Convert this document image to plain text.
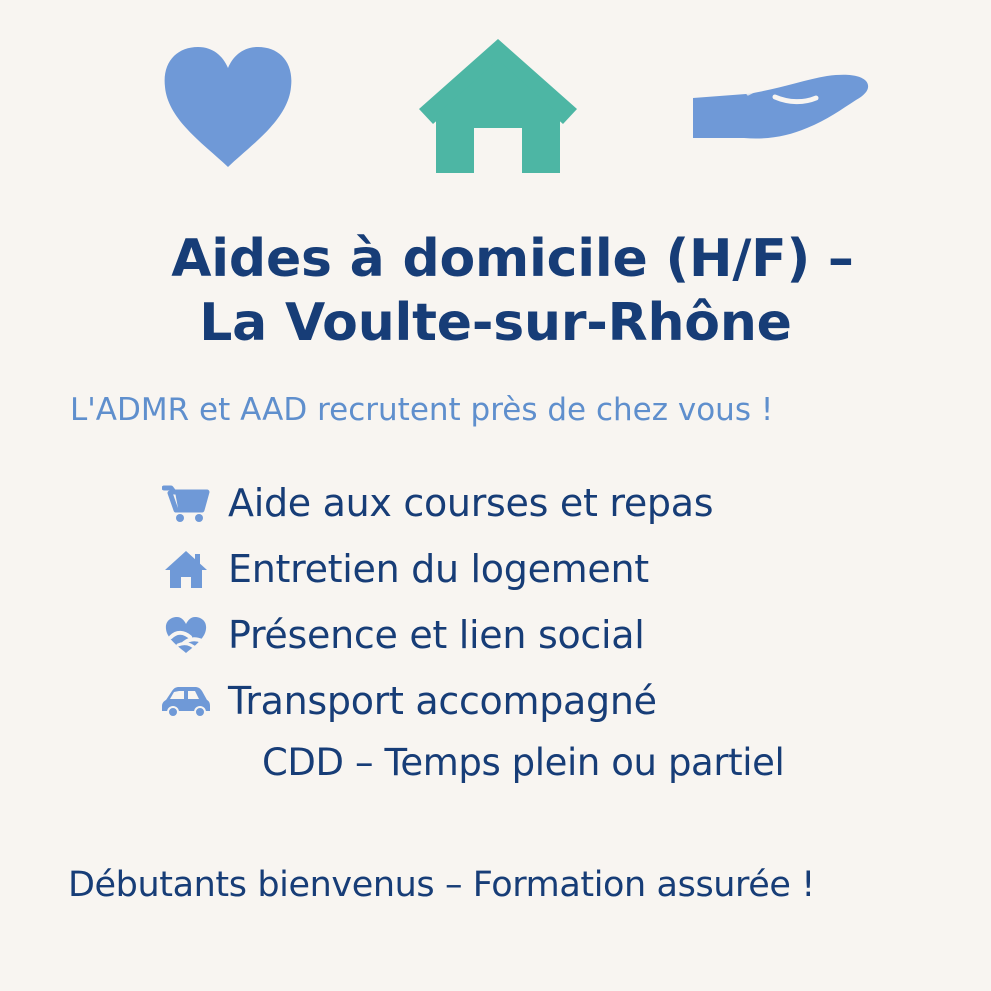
Aides à domicile (H/F) –
La Voulte-sur-Rhône
L'ADMR et AAD recrutent près de chez vous !
Aide aux courses et repas
Entretien du logement
Présence et lien social
Transport accompagné
CDD – Temps plein ou partiel
Débutants bienvenus – Formation assurée !
